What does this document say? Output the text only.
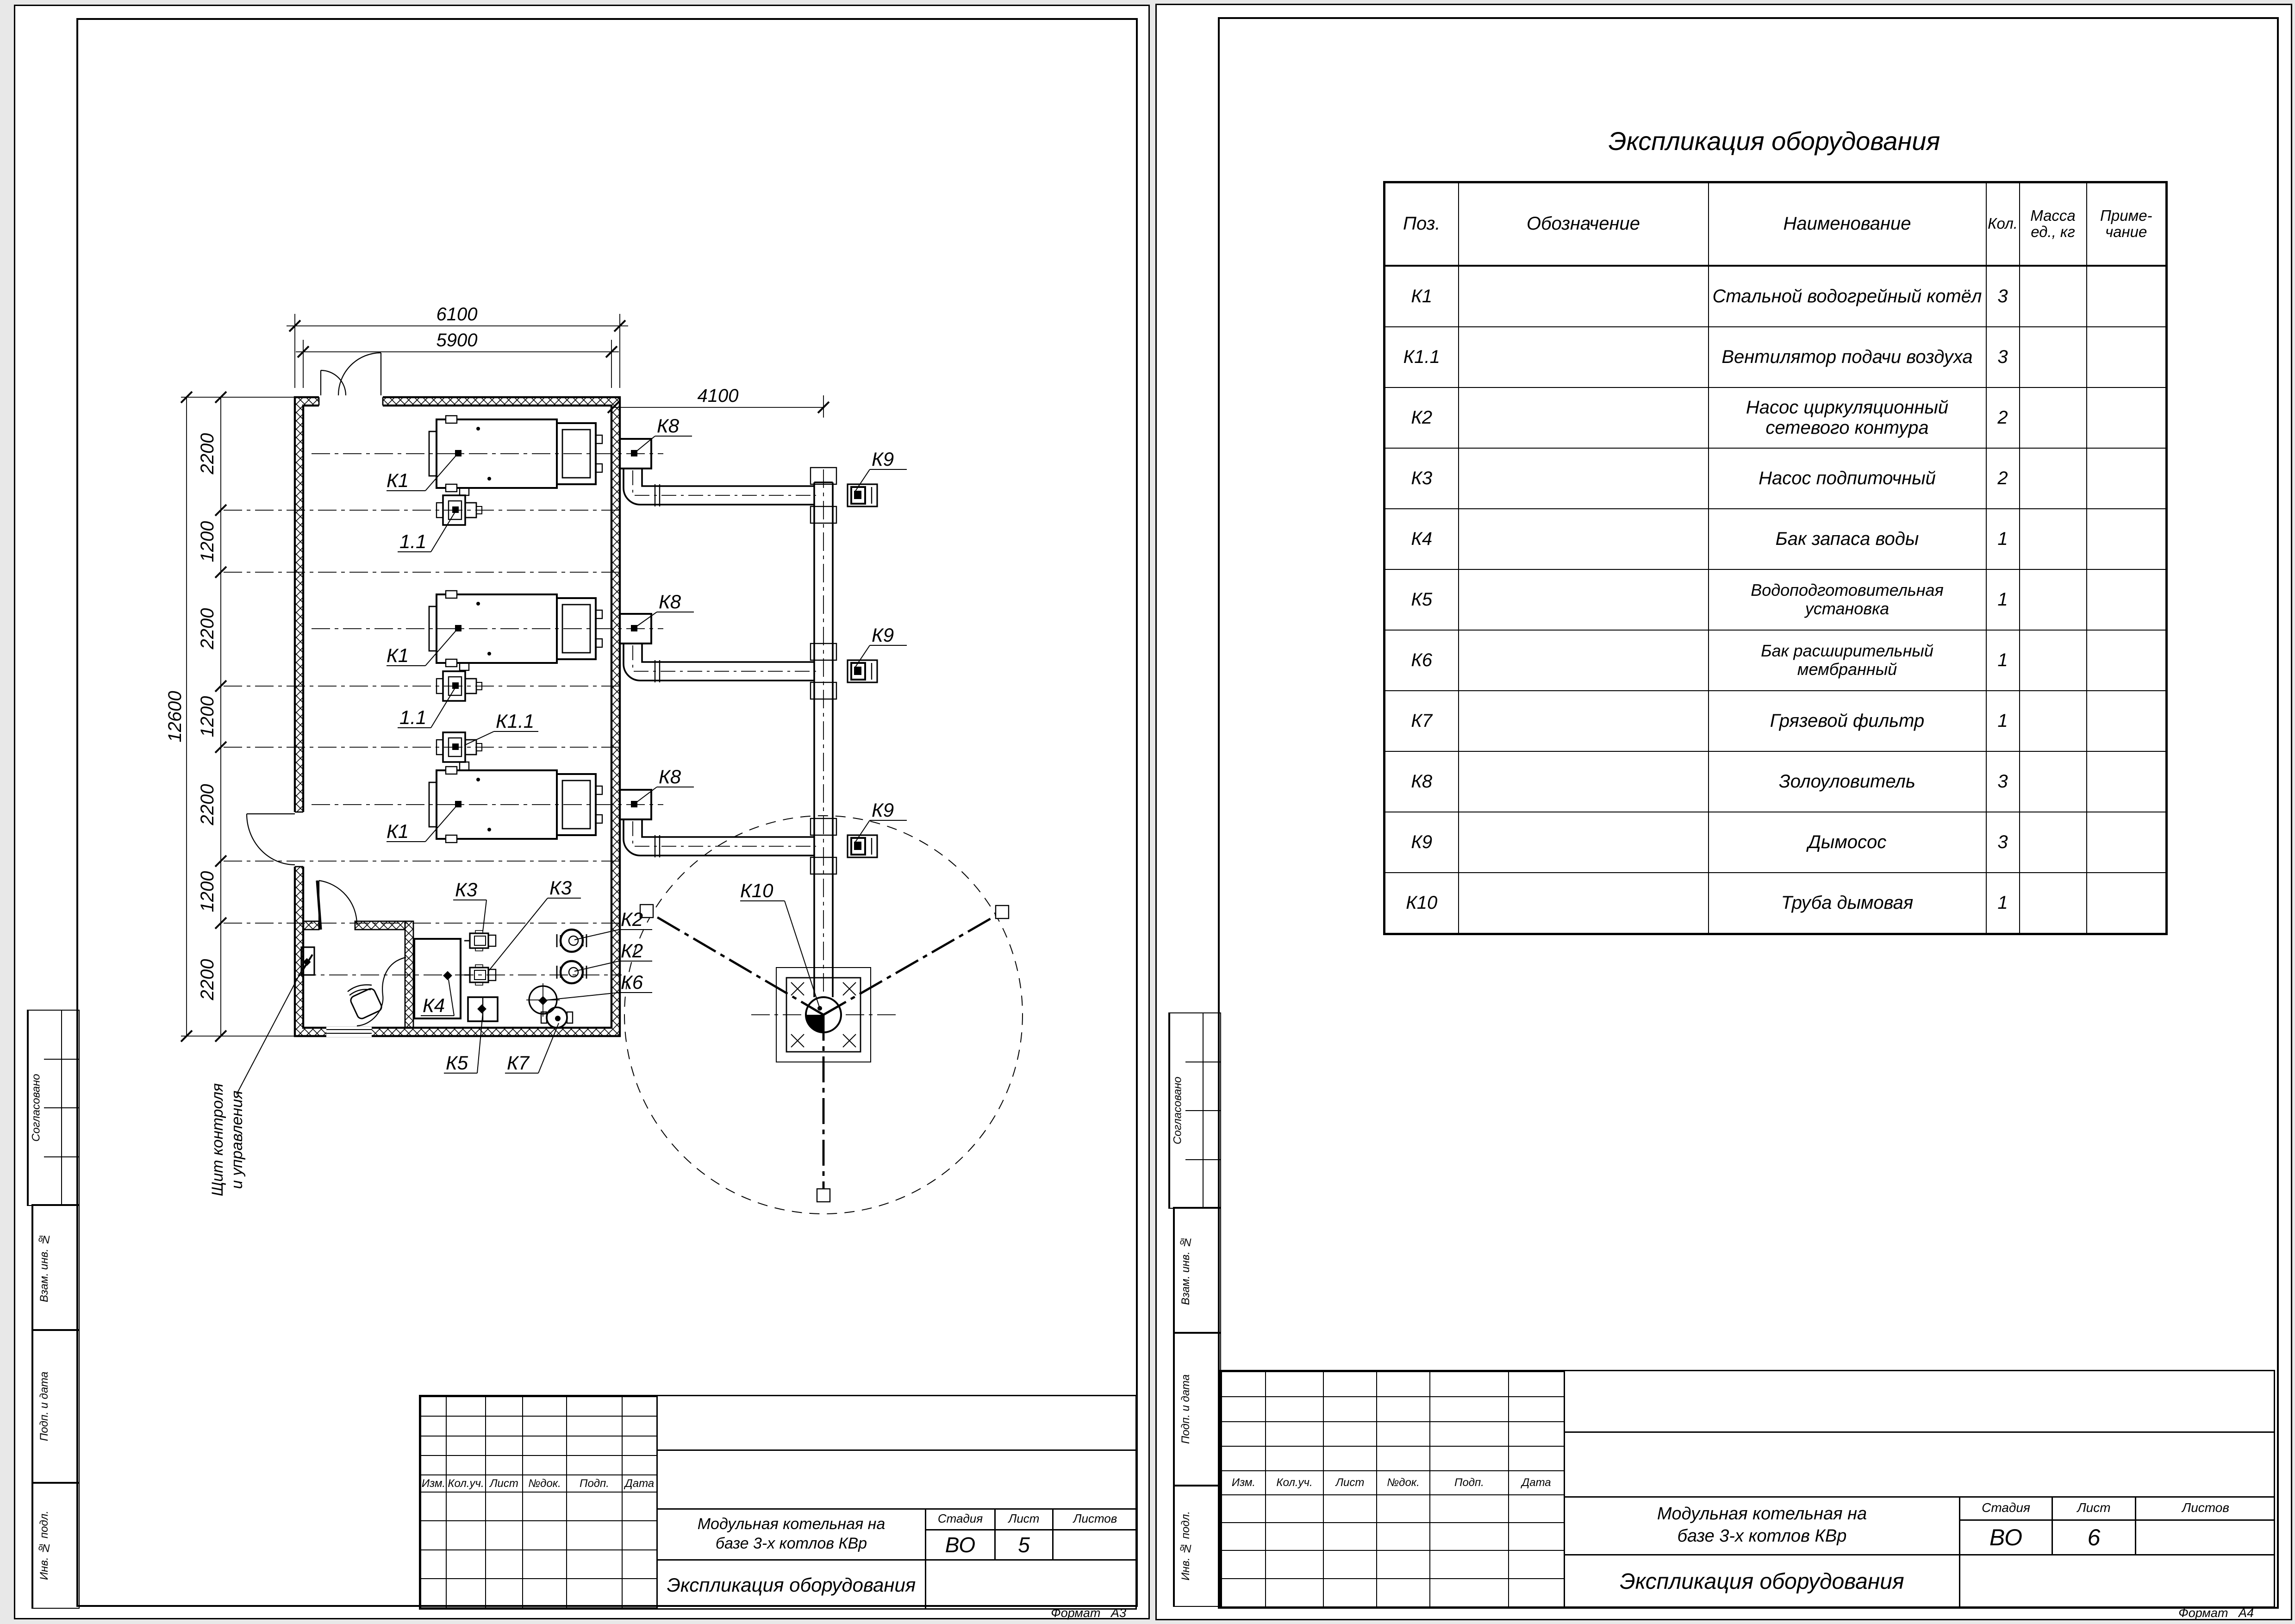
6100
5900
4100
12600
2200
1200
2200
1200
2200
1200
2200
К1
К1
К1
1.1
1.1	К1.1
К8
К8
К8
К9
К9
К9
К10
К3	К3
К2
К2
К6
К4
К5	К7
Щит контроля и управления
Согласовано
Взам. инв. №
Подп. и дата
Инв. № подл.

Изм.	Кол.уч.	Лист	№док.	Подп.	Дата

Модульная котельная на
базе 3-х котлов КВр
Стадия Лист	Листов
ВО 5
Экспликация оборудования
Формат А3
Экспликация оборудования
Поз.	Обозначение	Наименование	Кол.	Масса ед., кг	Приме- чание
К1		Стальной водогрейный котёл	3		
К1.1		Вентилятор подачи воздуха	3		
К2		Насос циркуляционный сетевого контура	2		
К3		Насос подпиточный	2		
К4		Бак запаса воды	1		
К5		Водоподготовительная установка	1		
К6		Бак расширительный мембранный	1		
К7		Грязевой фильтр	1		
К8		Золоуловитель	3		
К9		Дымосос	3		
К10		Труба дымовая	1		
Согласовано
Взам. инв. №
Подп. и дата
Инв. № подл.

Изм.	Кол.уч.	Лист	№док.	Подп.	Дата

Модульная котельная на
базе 3-х котлов КВр
Стадия	Лист	Листов
ВО	6
Экспликация оборудования
Формат А4
